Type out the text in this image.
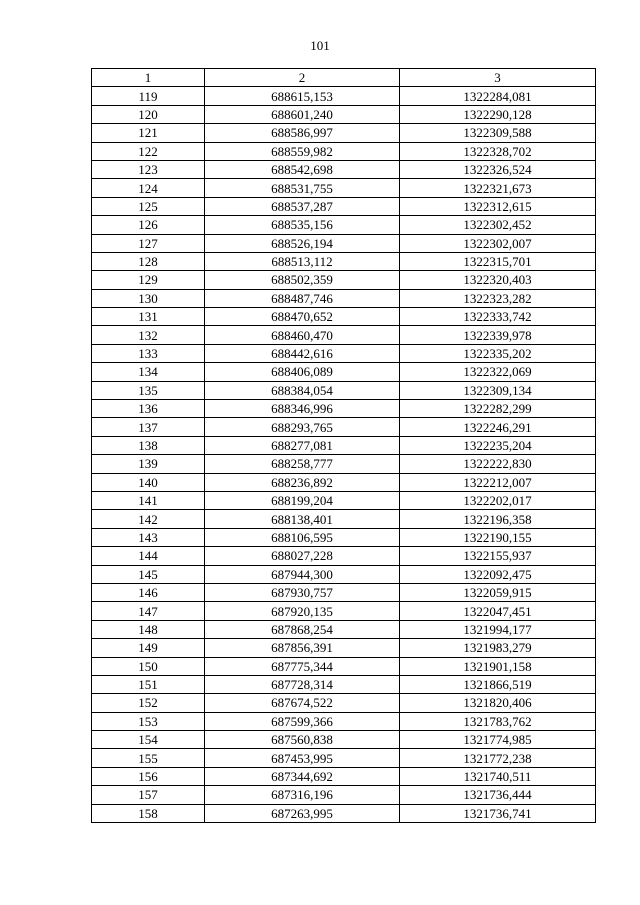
101
1	2	3
119	688615,153	1322284,081
120	688601,240	1322290,128
121	688586,997	1322309,588
122	688559,982	1322328,702
123	688542,698	1322326,524
124	688531,755	1322321,673
125	688537,287	1322312,615
126	688535,156	1322302,452
127	688526,194	1322302,007
128	688513,112	1322315,701
129	688502,359	1322320,403
130	688487,746	1322323,282
131	688470,652	1322333,742
132	688460,470	1322339,978
133	688442,616	1322335,202
134	688406,089	1322322,069
135	688384,054	1322309,134
136	688346,996	1322282,299
137	688293,765	1322246,291
138	688277,081	1322235,204
139	688258,777	1322222,830
140	688236,892	1322212,007
141	688199,204	1322202,017
142	688138,401	1322196,358
143	688106,595	1322190,155
144	688027,228	1322155,937
145	687944,300	1322092,475
146	687930,757	1322059,915
147	687920,135	1322047,451
148	687868,254	1321994,177
149	687856,391	1321983,279
150	687775,344	1321901,158
151	687728,314	1321866,519
152	687674,522	1321820,406
153	687599,366	1321783,762
154	687560,838	1321774,985
155	687453,995	1321772,238
156	687344,692	1321740,511
157	687316,196	1321736,444
158	687263,995	1321736,741
